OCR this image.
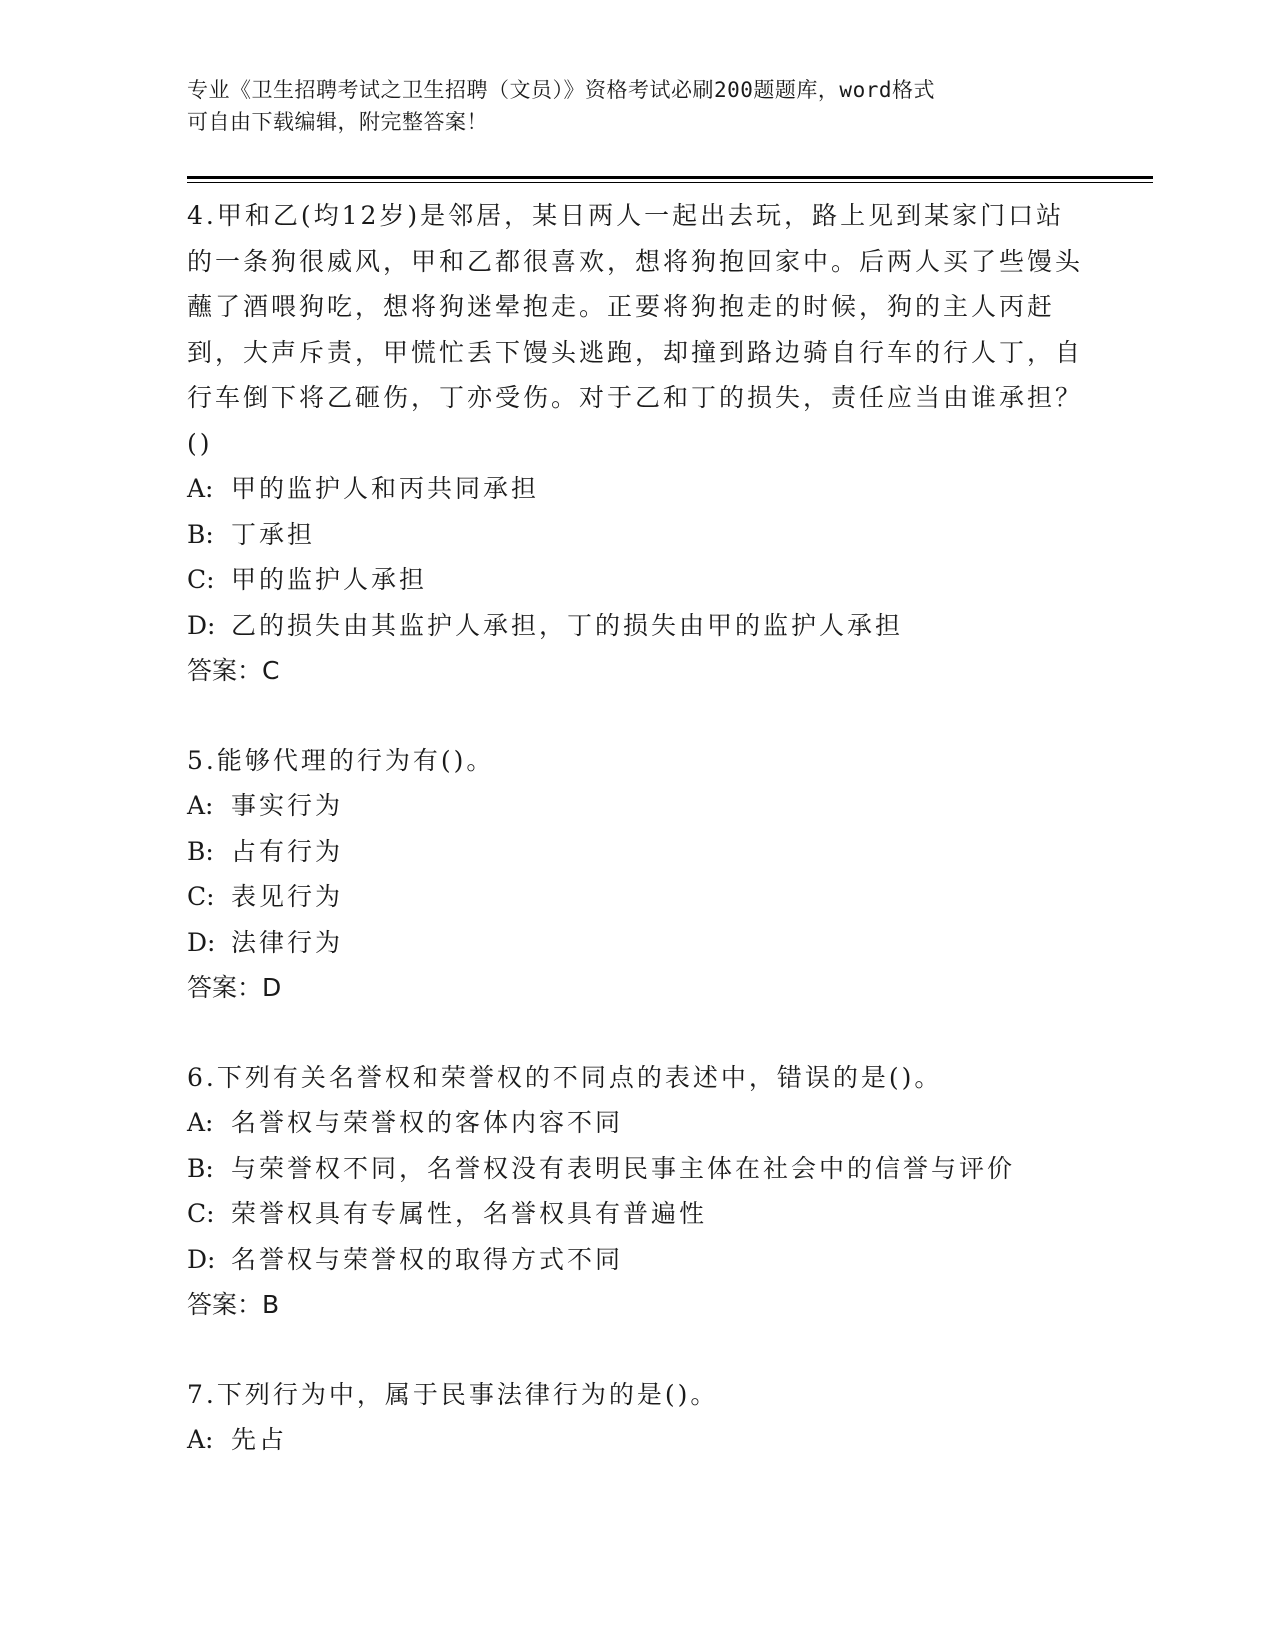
专业《卫生招聘考试之卫生招聘（文员）》资格考试必刷200题题库，word格式
可自由下载编辑，附完整答案！

4.甲和乙(均12岁)是邻居，某日两人一起出去玩，路上见到某家门口站的一条狗很威风，甲和乙都很喜欢，想将狗抱回家中。后两人买了些馒头蘸了酒喂狗吃，想将狗迷晕抱走。正要将狗抱走的时候，狗的主人丙赶到，大声斥责，甲慌忙丢下馒头逃跑，却撞到路边骑自行车的行人丁，自行车倒下将乙砸伤，丁亦受伤。对于乙和丁的损失，责任应当由谁承担？()

A: 甲的监护人和丙共同承担

B: 丁承担

C: 甲的监护人承担

D: 乙的损失由其监护人承担，丁的损失由甲的监护人承担

答案：C

5.能够代理的行为有()。

A: 事实行为

B: 占有行为

C: 表见行为

D: 法律行为

答案：D

6.下列有关名誉权和荣誉权的不同点的表述中，错误的是()。

A: 名誉权与荣誉权的客体内容不同

B: 与荣誉权不同，名誉权没有表明民事主体在社会中的信誉与评价

C: 荣誉权具有专属性，名誉权具有普遍性

D: 名誉权与荣誉权的取得方式不同

答案：B

7.下列行为中，属于民事法律行为的是()。

A: 先占
